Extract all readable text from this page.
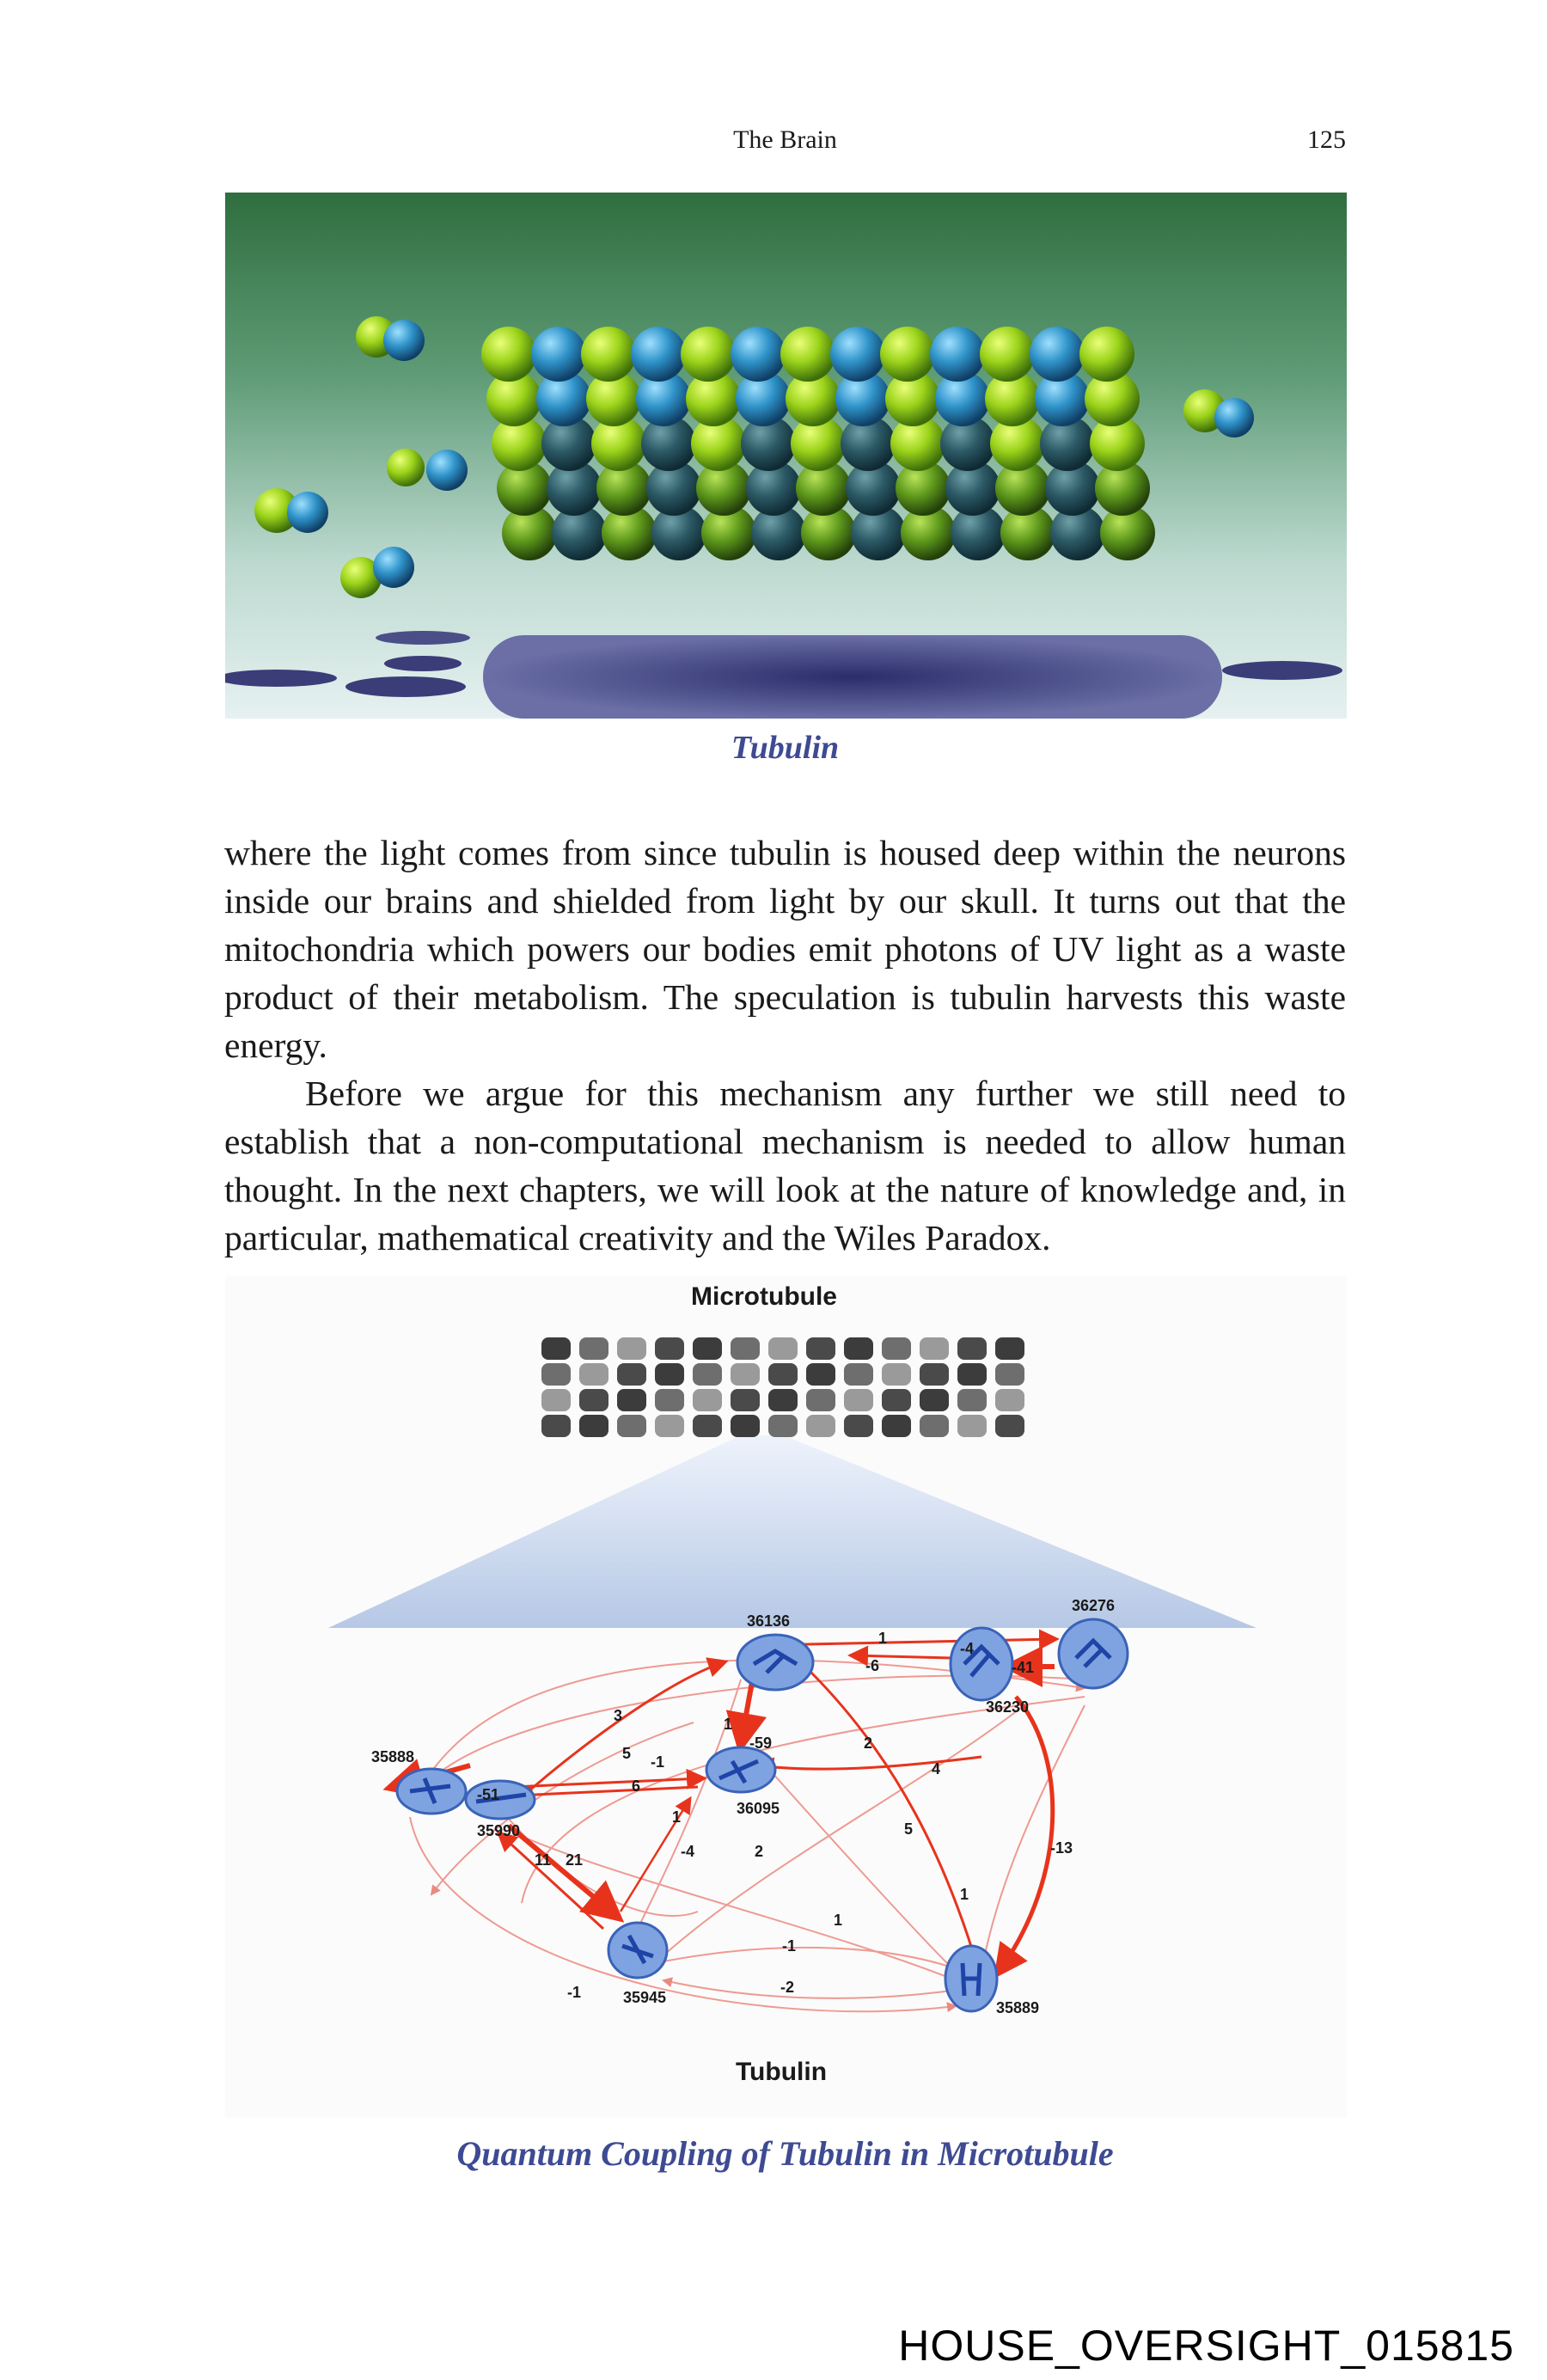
The Brain	125
Tubulin

where the light comes from since tubulin is housed deep within the neurons inside our brains and shielded from light by our skull. It turns out that the mitochondria which powers our bodies emit photons of UV light as a waste product of their metabolism. The speculation is tubulin harvests this waste energy.

Before we argue for this mechanism any further we still need to establish that a non-computational mechanism is needed to allow human thought. In the next chapters, we will look at the nature of knowledge and, in particular, mathematical creativity and the Wiles Paradox.

Microtubule
36136
36276
36230
35888
36095
35990
35945
35889
1
-4
-6	-41
3	1
-59	2
5 -1
-51	6
4
1
-4	2
5
-13
11 21
1
1
-1
-2
-1
Tubulin
Quantum Coupling of Tubulin in Microtubule
HOUSE_OVERSIGHT_015815
